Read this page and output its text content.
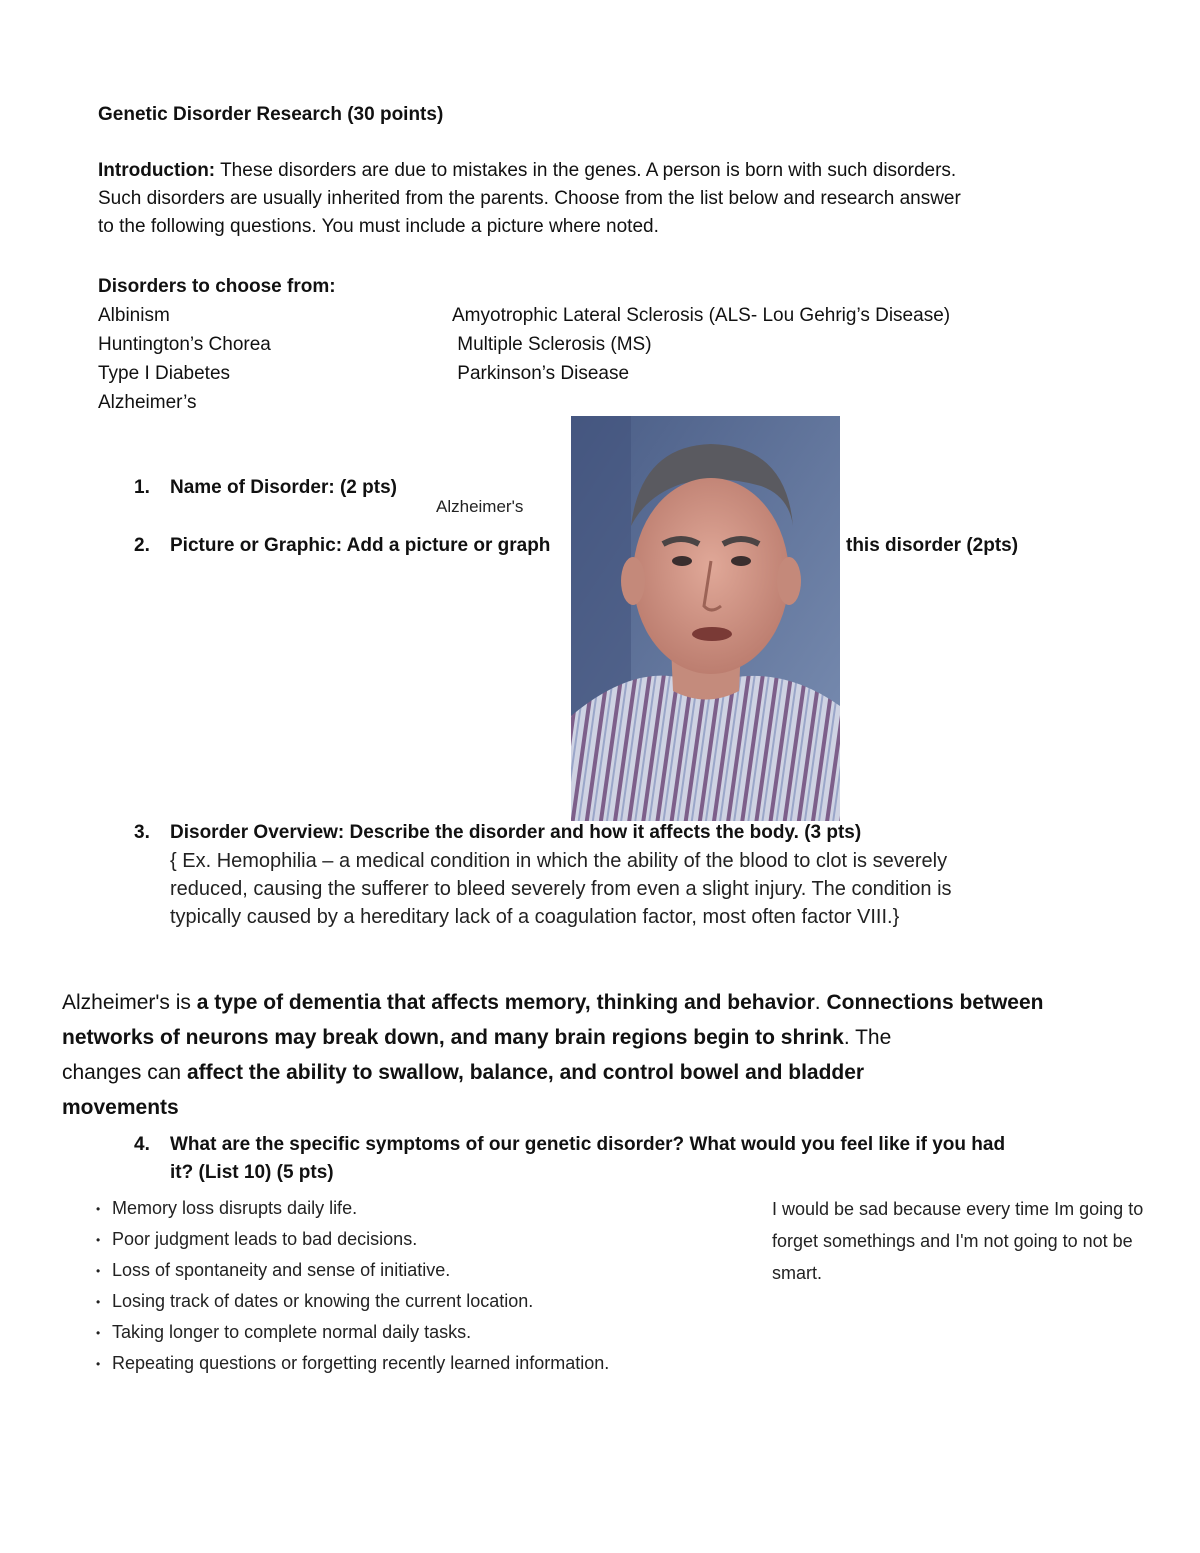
Genetic Disorder Research (30 points)
Introduction: These disorders are due to mistakes in the genes. A person is born with such disorders.
Such disorders are usually inherited from the parents. Choose from the list below and research answer
to the following questions. You must include a picture where noted.
Disorders to choose from:
Albinism
Huntington’s Chorea
Type I Diabetes
Alzheimer’s
Amyotrophic Lateral Sclerosis (ALS- Lou Gehrig’s Disease)
Multiple Sclerosis (MS)
Parkinson’s Disease
1. Name of Disorder: (2 pts)
Alzheimer's
2. Picture or Graphic: Add a picture or graph	this disorder (2pts)
3. Disorder Overview: Describe the disorder and how it affects the body. (3 pts)
{ Ex. Hemophilia – a medical condition in which the ability of the blood to clot is severely
reduced, causing the sufferer to bleed severely from even a slight injury. The condition is
typically caused by a hereditary lack of a coagulation factor, most often factor VIII.}
Alzheimer's is a type of dementia that affects memory, thinking and behavior. Connections between
networks of neurons may break down, and many brain regions begin to shrink. The
changes can affect the ability to swallow, balance, and control bowel and bladder
movements
4. What are the specific symptoms of our genetic disorder? What would you feel like if you had
it? (List 10) (5 pts)
• Memory loss disrupts daily life.
• Poor judgment leads to bad decisions.
• Loss of spontaneity and sense of initiative.
• Losing track of dates or knowing the current location.
• Taking longer to complete normal daily tasks.
• Repeating questions or forgetting recently learned information.
I would be sad because every time Im going to
forget somethings and I'm not going to not be
smart.
